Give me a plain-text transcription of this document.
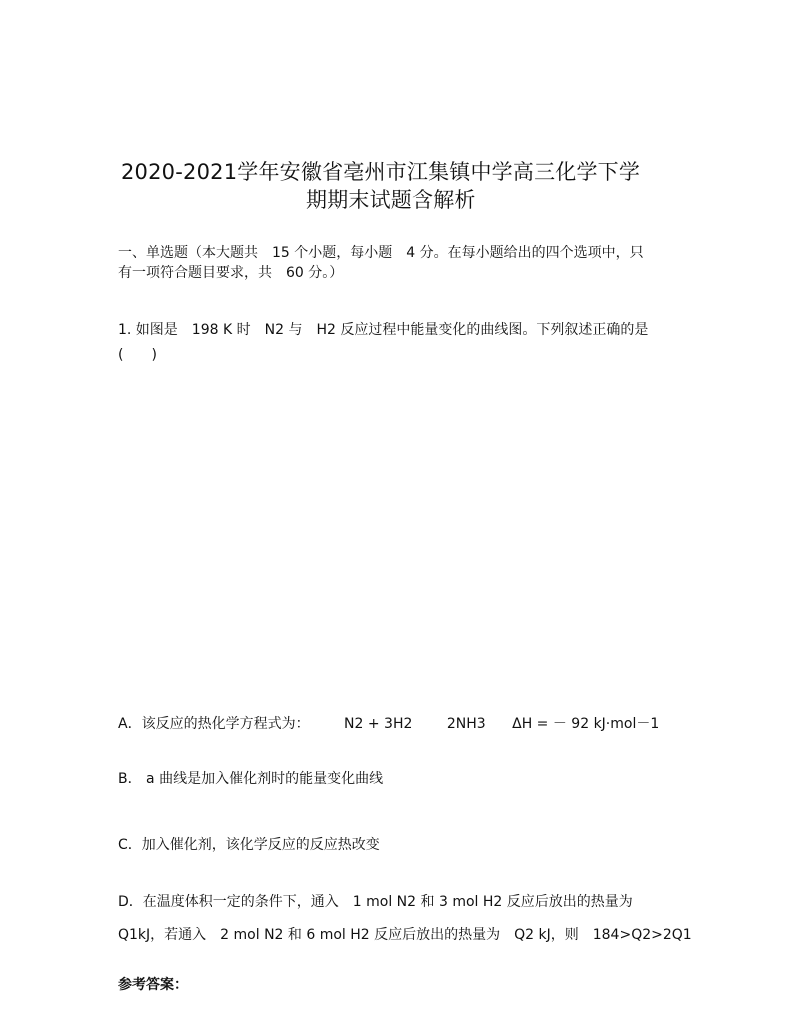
2020-2021学年安徽省亳州市江集镇中学高三化学下学
期期末试题含解析
一、单选题（本大题共　15 个小题，每小题　4 分。在每小题给出的四个选项中，只
有一项符合题目要求，共　60 分。）
1. 如图是　198 K 时　N2 与　H2 反应过程中能量变化的曲线图。下列叙述正确的是
(　　)
A．该反应的热化学方程式为： N2 + 3H2 2NH3 ΔH = － 92 kJ·mol－1
B． a 曲线是加入催化剂时的能量变化曲线
C．加入催化剂，该化学反应的反应热改变
D．在温度体积一定的条件下，通入　1 mol N2 和 3 mol H2 反应后放出的热量为
Q1kJ，若通入　2 mol N2 和 6 mol H2 反应后放出的热量为　Q2 kJ，则　184>Q2>2Q1
参考答案：
